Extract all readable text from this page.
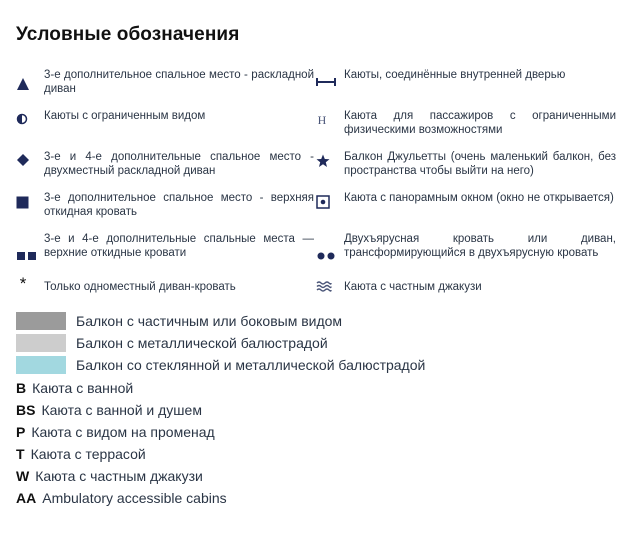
Условные обозначения
3-е дополнительное спальное место - раскладной диван
Каюты, соединённые внутренней дверью
Каюты с ограниченным видом	H Каюта для пассажиров с ограниченными физическими возможностями
3-е и 4-е дополнительные спальное место - двухместный раскладной диван
Балкон Джульетты (очень маленький балкон, без пространства чтобы выйти на него)
3-е дополнительное спальное место - верхняя откидная кровать
Каюта с панорамным окном (окно не открывается)
3-е и 4-е дополнительные спальные места — верхние откидные кровати
Двухъярусная кровать или диван, трансформирующийся в двухъярусную кровать
* Только одноместный диван-кровать	Каюта с частным джакузи
Балкон с частичным или боковым видом
Балкон с металлической балюстрадой
Балкон со стеклянной и металлической балюстрадой
B Каюта с ванной
BS Каюта с ванной и душем
P Каюта с видом на променад
T Каюта с террасой
W Каюта с частным джакузи
AA Ambulatory accessible cabins
